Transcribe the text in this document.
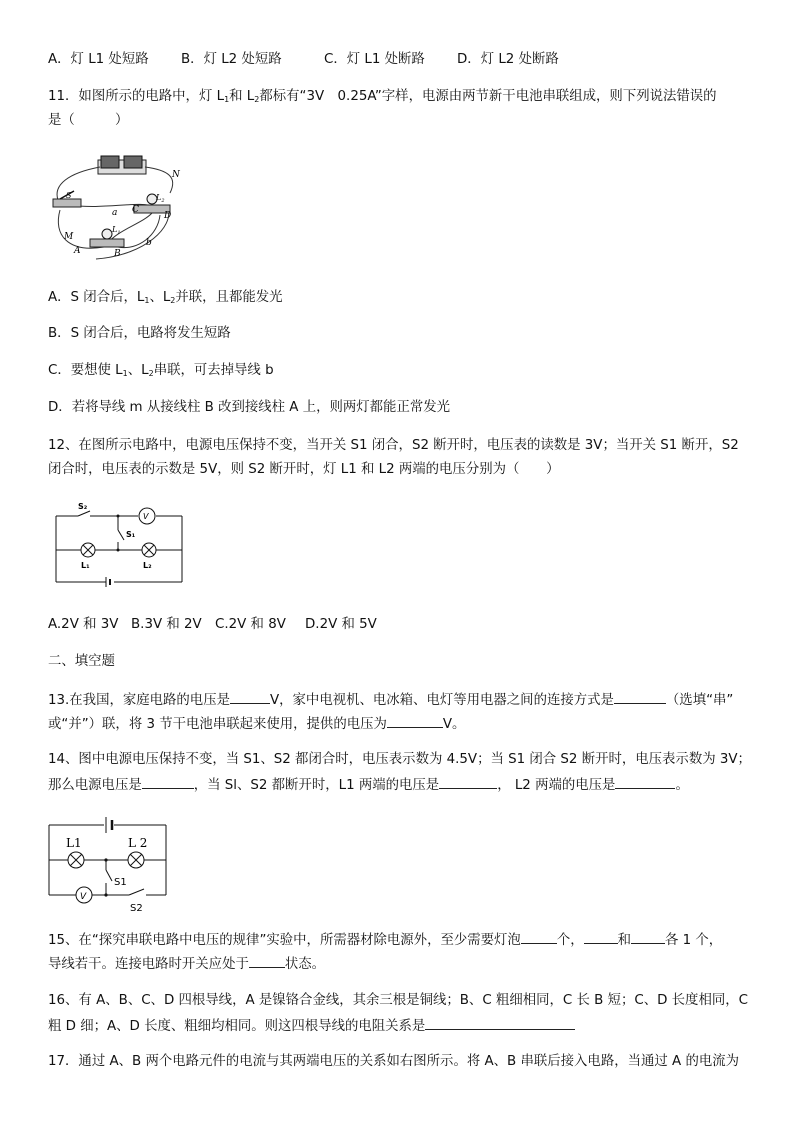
A．灯 L1 处短路 B．灯 L2 处短路	C．灯 L1 处断路 D．灯 L2 处断路
11．如图所示的电路中，灯 $L_1$和 $L_2$都标有“3V　0.25A”字样，电源由两节新干电池串联组成，则下列说法错误的
是（　　　）
N
M
A	B
C
D
a
b
S	$L_2$
$L_1$
A．S 闭合后，$L_1$、$L_2$并联，且都能发光
B．S 闭合后，电路将发生短路
C．要想使 $L_1$、$L_2$串联，可去掉导线 b
D．若将导线 m 从接线柱 B 改到接线柱 A 上，则两灯都能正常发光
12、在图所示电路中，电源电压保持不变，当开关 S1 闭合，S2 断开时，电压表的读数是 3V；当开关 S1 断开，S2
闭合时，电压表的示数是 5V，则 S2 断开时，灯 L1 和 L2 两端的电压分别为（　　）
S₂
S₁
V
L₁	L₂
A.2V 和 3V B.3V 和 2V C.2V 和 8V D.2V 和 5V
二、填空题
13.在我国，家庭电路的电压是	V，家中电视机、电冰箱、电灯等用电器之间的连接方式是	（选填“串”
或“并”）联，将 3 节干电池串联起来使用，提供的电压为	V。
14、图中电源电压保持不变，当 S1、S2 都闭合时，电压表示数为 4.5V；当 S1 闭合 S2 断开时，电压表示数为 3V；
那么电源电压是	，当 Sl、S2 都断开时，L1 两端的电压是	， L2 两端的电压是	。
L1	L 2
V
S1
S2
15、在“探究串联电路中电压的规律”实验中，所需器材除电源外，至少需要灯泡	个，	和	各 1 个，
导线若干。连接电路时开关应处于	状态。
16、有 A、B、C、D 四根导线，A 是镍铬合金线，其余三根是铜线；B、C 粗细相同，C 长 B 短；C、D 长度相同，C
粗 D 细；A、D 长度、粗细均相同。则这四根导线的电阻关系是
17．通过 A、B 两个电路元件的电流与其两端电压的关系如右图所示。将 A、B 串联后接入电路，当通过 A 的电流为
